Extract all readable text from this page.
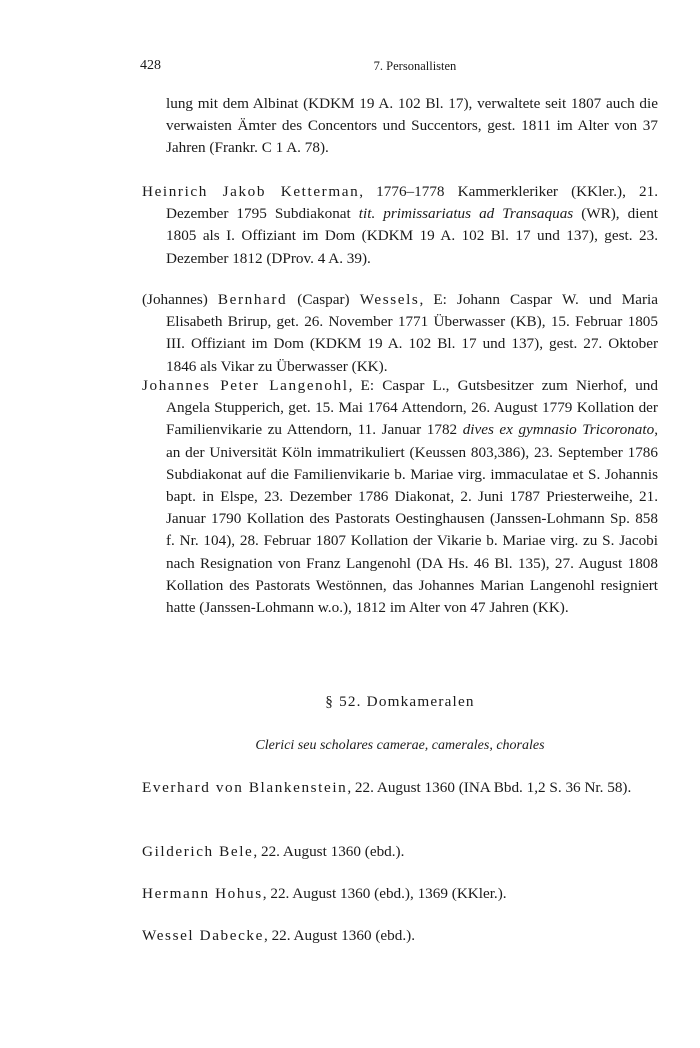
428	7. Personallisten

lung mit dem Albinat (KDKM 19 A. 102 Bl. 17), verwaltete seit 1807 auch die verwaisten Ämter des Concentors und Succentors, gest. 1811 im Alter von 37 Jahren (Frankr. C 1 A. 78).

Heinrich Jakob Ketterman, 1776–1778 Kammerkleriker (KKler.), 21. Dezember 1795 Subdiakonat tit. primissariatus ad Transaquas (WR), dient 1805 als I. Offiziant im Dom (KDKM 19 A. 102 Bl. 17 und 137), gest. 23. Dezember 1812 (DProv. 4 A. 39).

(Johannes) Bernhard (Caspar) Wessels, E: Johann Caspar W. und Maria Elisabeth Brirup, get. 26. November 1771 Überwasser (KB), 15. Februar 1805 III. Offiziant im Dom (KDKM 19 A. 102 Bl. 17 und 137), gest. 27. Oktober 1846 als Vikar zu Überwasser (KK).

Johannes Peter Langenohl, E: Caspar L., Gutsbesitzer zum Nierhof, und Angela Stupperich, get. 15. Mai 1764 Attendorn, 26. August 1779 Kollation der Familienvikarie zu Attendorn, 11. Januar 1782 dives ex gymnasio Tricoronato, an der Universität Köln immatrikuliert (Keussen 803,386), 23. September 1786 Subdiakonat auf die Familienvikarie b. Mariae virg. immaculatae et S. Johannis bapt. in Elspe, 23. Dezember 1786 Diakonat, 2. Juni 1787 Priesterweihe, 21. Januar 1790 Kollation des Pastorats Oestinghausen (Janssen-Lohmann Sp. 858 f. Nr. 104), 28. Februar 1807 Kollation der Vikarie b. Mariae virg. zu S. Jacobi nach Resignation von Franz Langenohl (DA Hs. 46 Bl. 135), 27. August 1808 Kollation des Pastorats Westönnen, das Johannes Marian Langenohl resigniert hatte (Janssen-Lohmann w.o.), 1812 im Alter von 47 Jahren (KK).

§ 52. Domkameralen
Clerici seu scholares camerae, camerales, chorales

Everhard von Blankenstein, 22. August 1360 (INA Bbd. 1,2 S. 36 Nr. 58).

Gilderich Bele, 22. August 1360 (ebd.).

Hermann Hohus, 22. August 1360 (ebd.), 1369 (KKler.).

Wessel Dabecke, 22. August 1360 (ebd.).
